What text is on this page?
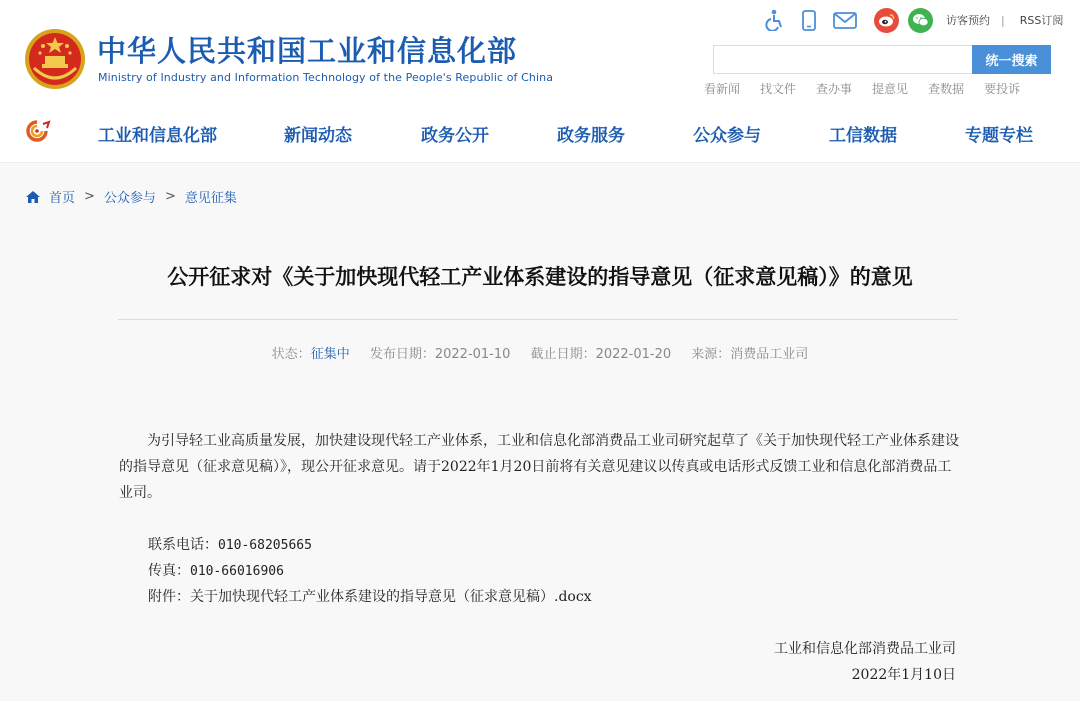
中华人民共和国工业和信息化部
Ministry of Industry and Information Technology of the People's Republic of China
访客预约 | RSS订阅
统一搜索
看新闻 找文件 查办事 提意见 查数据 要投诉
工业和信息化部	新闻动态	政务公开	政务服务	公众参与	工信数据	专题专栏
首页 > 公众参与 > 意见征集
公开征求对《关于加快现代轻工产业体系建设的指导意见（征求意见稿）》的意见
状态：征集中 发布日期：2022-01-10 截止日期：2022-01-20 来源：消费品工业司

为引导轻工业高质量发展，加快建设现代轻工产业体系，工业和信息化部消费品工业司研究起草了《关于加快现代轻工产业体系建设的指导意见（征求意见稿）》，现公开征求意见。请于2022年1月20日前将有关意见建议以传真或电话形式反馈工业和信息化部消费品工业司。

联系电话：010-68205665
传真：010-66016906
附件：关于加快现代轻工产业体系建设的指导意见（征求意见稿）.docx
工业和信息化部消费品工业司
2022年1月10日
